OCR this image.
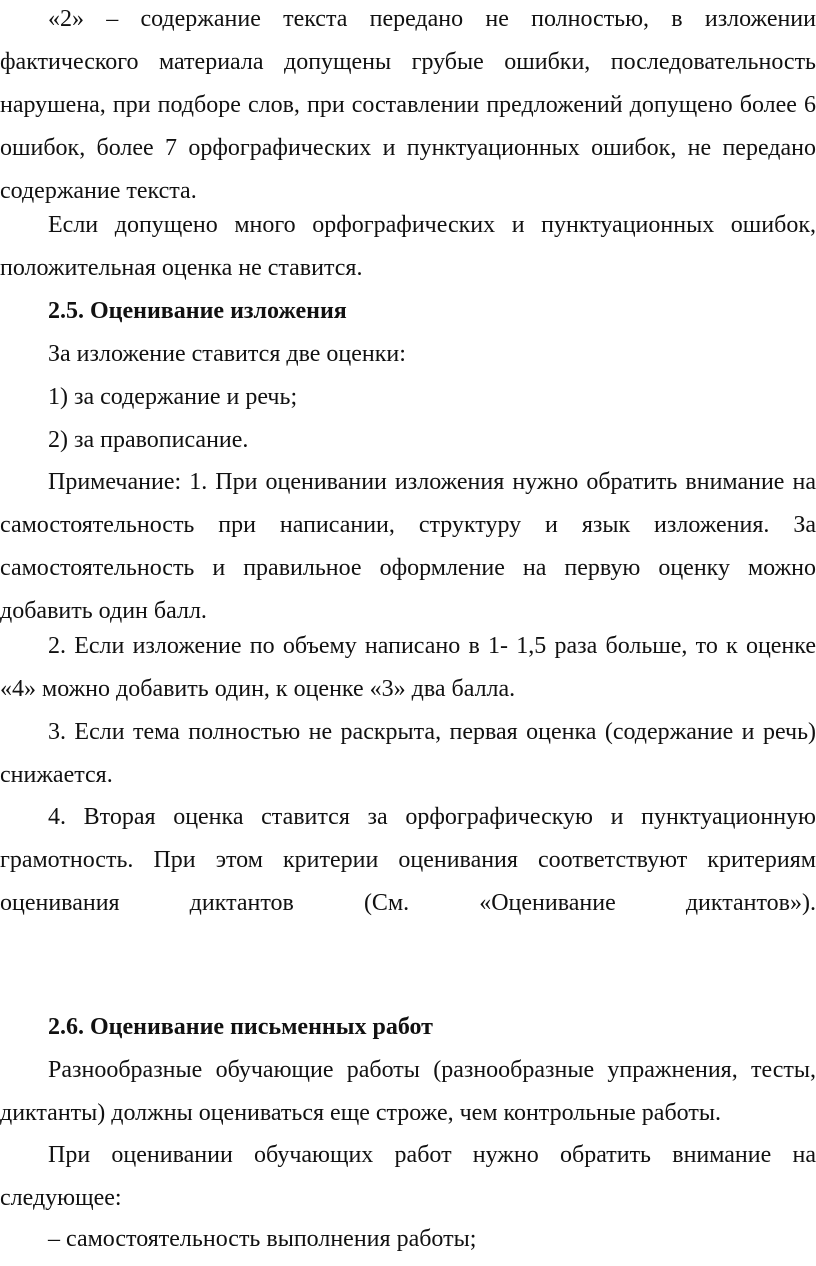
«2» – содержание текста передано не полностью, в изложении фактического материала допущены грубые ошибки, последовательность нарушена, при подборе слов, при составлении предложений допущено более 6 ошибок, более 7 орфографических и пунктуационных ошибок, не передано содержание текста.

Если допущено много орфографических и пунктуационных ошибок, положительная оценка не ставится.

2.5. Оценивание изложения

За изложение ставится две оценки:

1) за содержание и речь;

2) за правописание.

Примечание: 1. При оценивании изложения нужно обратить внимание на самостоятельность при написании, структуру и язык изложения. За самостоятельность и правильное оформление на первую оценку можно добавить один балл.

2. Если изложение по объему написано в 1- 1,5 раза больше, то к оценке «4» можно добавить один, к оценке «3» два балла.

3. Если тема полностью не раскрыта, первая оценка (содержание и речь) снижается.

4. Вторая оценка ставится за орфографическую и пунктуационную грамотность. При этом критерии оценивания соответствуют критериям оценивания диктантов (См. «Оценивание диктантов»).

2.6. Оценивание письменных работ

Разнообразные обучающие работы (разнообразные упражнения, тесты, диктанты) должны оцениваться еще строже, чем контрольные работы.

При оценивании обучающих работ нужно обратить внимание на следующее:

– самостоятельность выполнения работы;
